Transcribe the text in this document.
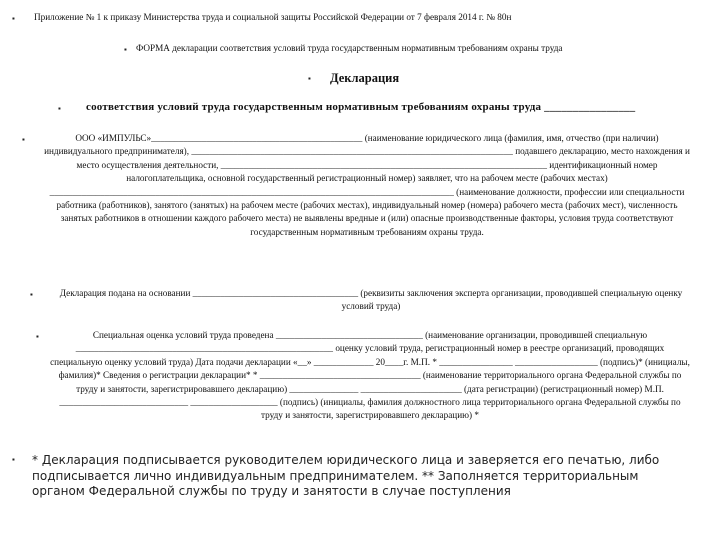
▪
▪
▪
▪
▪
▪
▪
▪
Приложение № 1 к приказу Министерства труда и социальной защиты Российской Федерации от 7 февраля 2014 г. № 80н
ФОРМА декларации соответствия условий труда государственным нормативным требованиям охраны труда
Декларация
соответствия условий труда государственным нормативным требованиям охраны труда ________________
ООО «ИМПУЛЬС»______________________________________________ (наименование юридического лица (фамилия, имя, отчество (при наличии) индивидуального предпринимателя), ______________________________________________________________________ подавшего декларацию, место нахождения и место осуществления деятельности, _______________________________________________________________________ идентификационный номер налогоплательщика, основной государственный регистрационный номер) заявляет, что на рабочем месте (рабочих местах) ________________________________________________________________________________________ (наименование должности, профессии или специальности работника (работников), занятого (занятых) на рабочем месте (рабочих местах), индивидуальный номер (номера) рабочего места (рабочих мест), численность занятых работников в отношении каждого рабочего места) не выявлены вредные и (или) опасные производственные факторы, условия труда соответствуют государственным нормативным требованиям охраны труда.
Декларация подана на основании ____________________________________ (реквизиты заключения эксперта организации, проводившей специальную оценку условий труда)
Специальная оценка условий труда проведена ________________________________ (наименование организации, проводившей специальную ________________________________________________________ оценку условий труда, регистрационный номер в реестре организаций, проводящих специальную оценку условий труда) Дата подачи декларации «__» _____________ 20____г. М.П. * ________________ __________________ (подпись)* (инициалы, фамилия)* Сведения о регистрации декларации* * ___________________________________ (наименование территориального органа Федеральной службы по труду и занятости, зарегистрировавшего декларацию) _______________ ______________________ (дата регистрации) (регистрационный номер) М.П. ____________________________ ___________________ (подпись) (инициалы, фамилия должностного лица территориального органа Федеральной службы по труду и занятости, зарегистрировавшего декларацию) *
* Декларация подписывается руководителем юридического лица и заверяется его печатью, либо подписывается лично индивидуальным предпринимателем. ** Заполняется территориальным органом Федеральной службы по труду и занятости в случае поступления
